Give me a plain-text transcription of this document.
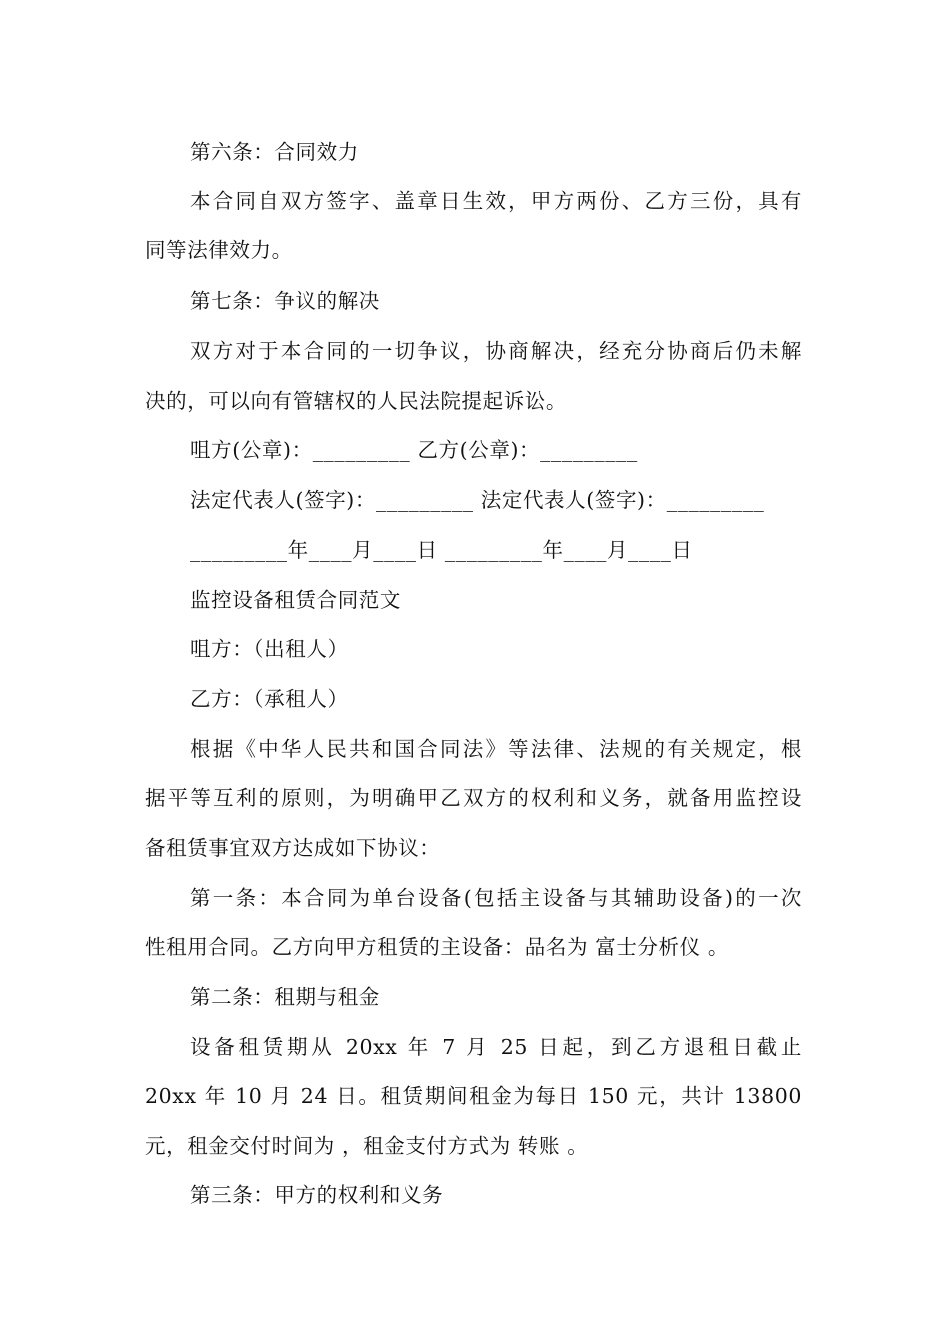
第六条：合同效力
本合同自双方签字、盖章日生效，甲方两份、乙方三份，具有
同等法律效力。
第七条：争议的解决
双方对于本合同的一切争议，协商解决，经充分协商后仍未解
决的，可以向有管辖权的人民法院提起诉讼。
咀方(公章)：_________ 乙方(公章)：_________
法定代表人(签字)：_________ 法定代表人(签字)：_________
_________年____月____日 _________年____月____日
监控设备租赁合同范文
咀方：（出租人）
乙方：（承租人）
根据《中华人民共和国合同法》等法律、法规的有关规定，根
据平等互利的原则，为明确甲乙双方的权利和义务，就备用监控设
备租赁事宜双方达成如下协议：
第一条：本合同为单台设备(包括主设备与其辅助设备)的一次
性租用合同。乙方向甲方租赁的主设备：品名为 富士分析仪 。
第二条：租期与租金
设备租赁期从 20xx 年 7 月 25 日起，到乙方退租日截止
20xx 年 10 月 24 日。租赁期间租金为每日 150 元，共计 13800
元，租金交付时间为 ，租金支付方式为 转账 。
第三条：甲方的权利和义务
